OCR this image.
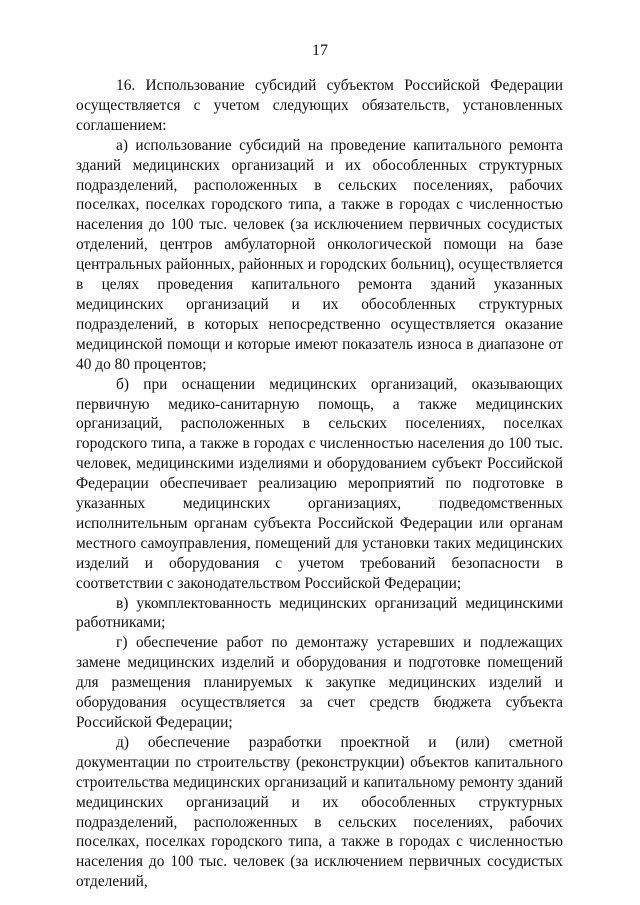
17

16. Использование субсидий субъектом Российской Федерации осуществляется с учетом следующих обязательств, установленных соглашением:

а) использование субсидий на проведение капитального ремонта зданий медицинских организаций и их обособленных структурных подразделений, расположенных в сельских поселениях, рабочих поселках, поселках городского типа, а также в городах с численностью населения до 100 тыс. человек (за исключением первичных сосудистых отделений, центров амбулаторной онкологической помощи на базе центральных районных, районных и городских больниц), осуществляется в целях проведения капитального ремонта зданий указанных медицинских организаций и их обособленных структурных подразделений, в которых непосредственно осуществляется оказание медицинской помощи и которые имеют показатель износа в диапазоне от 40 до 80 процентов;

б) при оснащении медицинских организаций, оказывающих первичную медико-санитарную помощь, а также медицинских организаций, расположенных в сельских поселениях, поселках городского типа, а также в городах с численностью населения до 100 тыс. человек, медицинскими изделиями и оборудованием субъект Российской Федерации обеспечивает реализацию мероприятий по подготовке в указанных медицинских организациях, подведомственных исполнительным органам субъекта Российской Федерации или органам местного самоуправления, помещений для установки таких медицинских изделий и оборудования с учетом требований безопасности в соответствии с законодательством Российской Федерации;

в) укомплектованность медицинских организаций медицинскими работниками;

г) обеспечение работ по демонтажу устаревших и подлежащих замене медицинских изделий и оборудования и подготовке помещений для размещения планируемых к закупке медицинских изделий и оборудования осуществляется за счет средств бюджета субъекта Российской Федерации;

д) обеспечение разработки проектной и (или) сметной документации по строительству (реконструкции) объектов капитального строительства медицинских организаций и капитальному ремонту зданий медицинских организаций и их обособленных структурных подразделений, расположенных в сельских поселениях, рабочих поселках, поселках городского типа, а также в городах с численностью населения до 100 тыс. человек (за исключением первичных сосудистых отделений,
